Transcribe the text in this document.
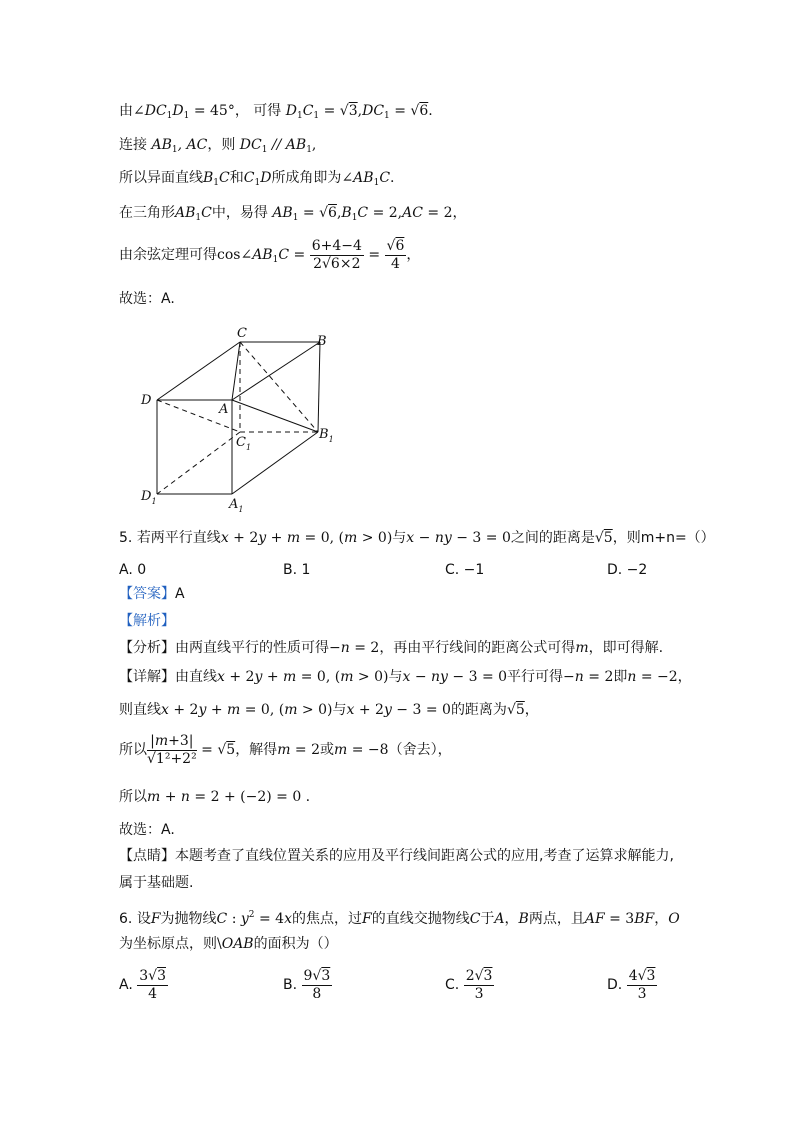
由$\angle DC_1D_1 = 45^\circ$， 可得 $D_1C_1 = √3,DC_1 = √6$.
连接 $AB_1$, AC，则 $DC_1 // AB_1$,
所以异面直线$B_1C$和$C_1D$所成角即为$\angle AB_1C$.
在三角形$AB_1C$中，易得 $AB_1 = √6,B_1C = 2,AC = 2$，
由余弦定理可得$\cos\angle AB_1C = \frac{6+4-4}{2√6\times 2} = \frac{√6}{4}$ ，
故选：A.
C
B
D
A
$C_1$
$B_1$
$D_1$	$A_1$
5. 若两平行直线x + 2y + m = 0, (m > 0)与x − ny − 3 = 0之间的距离是√5，则m+n=（）
A. 0	B. 1	C. −1	D. −2
【答案】A
【解析】
【分析】由两直线平行的性质可得−n = 2，再由平行线间的距离公式可得m，即可得解.
【详解】由直线x + 2y + m = 0, (m > 0)与x − ny − 3 = 0平行可得−n = 2即n = −2，
则直线x + 2y + m = 0, (m > 0)与x + 2y − 3 = 0的距离为√5，
所以 $\frac{|m+3|}{\text{√1²+2²}} = √5$，解得m = 2或m = −8（舍去），
所以m + n = 2 + (−2) = 0 .
故选：A.
【点睛】本题考查了直线位置关系的应用及平行线间距离公式的应用,考查了运算求解能力,
属于基础题.
6. 设F为抛物线C : $y^2 = 4x$的焦点，过F的直线交抛物线C于A，B两点，且AF = 3BF，O
为坐标原点，则\OAB的面积为（）
A. $\frac{3√3}{4}$	B. $\frac{9√3}{8}$	C. $\frac{2√3}{3}$	D. $\frac{4√3}{3}$
